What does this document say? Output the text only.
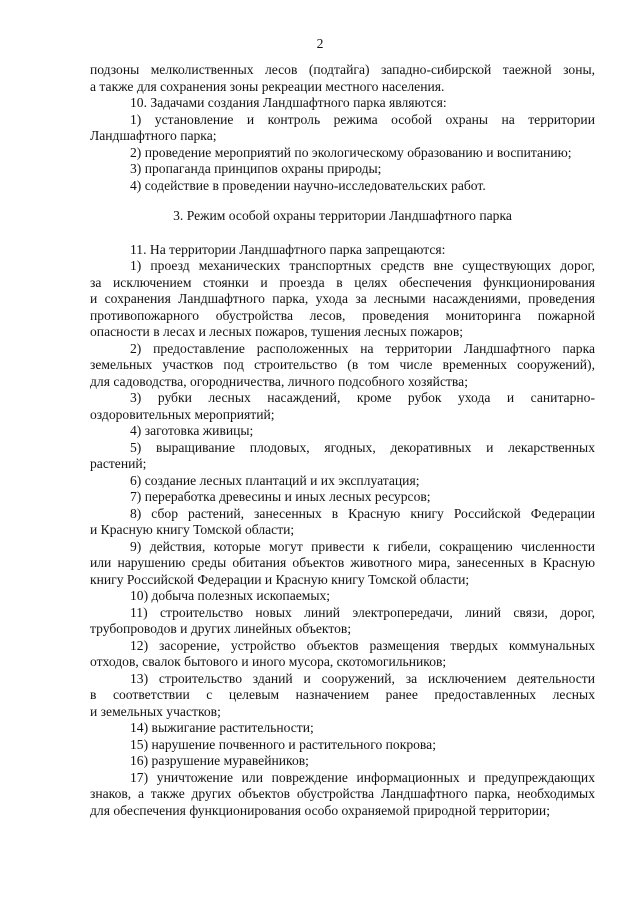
2
подзоны мелколиственных лесов (подтайга) западно-сибирской таежной зоны,
а также для сохранения зоны рекреации местного населения.
10. Задачами создания Ландшафтного парка являются:
1) установление и контроль режима особой охраны на территории
Ландшафтного парка;
2) проведение мероприятий по экологическому образованию и воспитанию;
3) пропаганда принципов охраны природы;
4) содействие в проведении научно-исследовательских работ.
3. Режим особой охраны территории Ландшафтного парка
11. На территории Ландшафтного парка запрещаются:
1) проезд механических транспортных средств вне существующих дорог,
за исключением стоянки и проезда в целях обеспечения функционирования
и сохранения Ландшафтного парка, ухода за лесными насаждениями, проведения
противопожарного обустройства лесов, проведения мониторинга пожарной
опасности в лесах и лесных пожаров, тушения лесных пожаров;
2) предоставление расположенных на территории Ландшафтного парка
земельных участков под строительство (в том числе временных сооружений),
для садоводства, огородничества, личного подсобного хозяйства;
3) рубки лесных насаждений, кроме рубок ухода и санитарно-
оздоровительных мероприятий;
4) заготовка живицы;
5) выращивание плодовых, ягодных, декоративных и лекарственных
растений;
6) создание лесных плантаций и их эксплуатация;
7) переработка древесины и иных лесных ресурсов;
8) сбор растений, занесенных в Красную книгу Российской Федерации
и Красную книгу Томской области;
9) действия, которые могут привести к гибели, сокращению численности
или нарушению среды обитания объектов животного мира, занесенных в Красную
книгу Российской Федерации и Красную книгу Томской области;
10) добыча полезных ископаемых;
11) строительство новых линий электропередачи, линий связи, дорог,
трубопроводов и других линейных объектов;
12) засорение, устройство объектов размещения твердых коммунальных
отходов, свалок бытового и иного мусора, скотомогильников;
13) строительство зданий и сооружений, за исключением деятельности
в соответствии с целевым назначением ранее предоставленных лесных
и земельных участков;
14) выжигание растительности;
15) нарушение почвенного и растительного покрова;
16) разрушение муравейников;
17) уничтожение или повреждение информационных и предупреждающих
знаков, а также других объектов обустройства Ландшафтного парка, необходимых
для обеспечения функционирования особо охраняемой природной территории;
